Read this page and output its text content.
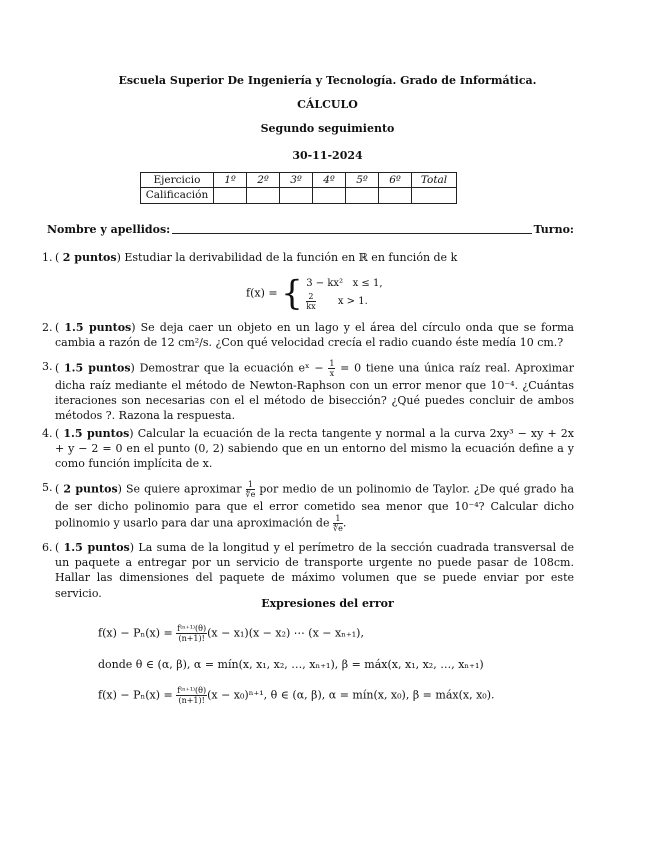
Escuela Superior De Ingeniería y Tecnología. Grado de Informática.
CÁLCULO
Segundo seguimiento
30-11-2024
Ejercicio	1º	2º	3º	4º	5º	6º	Total
Calificación							
Nombre y apellidos:	Turno:
1. ( 2 puntos) Estudiar la derivabilidad de la función en ℝ en función de k
f(x) = { 3 − kx² x ≤ 1,
$\frac{2}{kx}$ x > 1.
2. ( 1.5 puntos) Se deja caer un objeto en un lago y el área del círculo onda que se forma cambia a razón de 12 cm²/s. ¿Con qué velocidad crecía el radio cuando éste medía 10 cm.?
3. ( 1.5 puntos) Demostrar que la ecuación eˣ − $\frac{1}{x} = 0$ tiene una única raíz real. Aproximar dicha raíz mediante el método de Newton-Raphson con un error menor que 10⁻⁴. ¿Cuántas iteraciones son necesarias con el el método de bisección? ¿Qué puedes concluir de ambos métodos ?. Razona la respuesta.
4. ( 1.5 puntos) Calcular la ecuación de la recta tangente y normal a la curva 2xy³ − xy + 2x + y − 2 = 0 en el punto (0, 2) sabiendo que en un entorno del mismo la ecuación define a y como función implícita de x.
5. ( 2 puntos) Se quiere aproximar $\frac{1}{∜e}$ por medio de un polinomio de Taylor. ¿De qué grado ha de ser dicho polinomio para que el error cometido sea menor que 10⁻⁴? Calcular dicho polinomio y usarlo para dar una aproximación de $\frac{1}{∜e}$ .
6. ( 1.5 puntos) La suma de la longitud y el perímetro de la sección cuadrada transversal de un paquete a entregar por un servicio de transporte urgente no puede pasar de 108cm. Hallar las dimensiones del paquete de máximo volumen que se puede enviar por este servicio.
Expresiones del error
$f(x) - P_n(x) = \frac{\text{f⁽ⁿ⁺¹⁾(θ)}}{(n+1)!} (x - x_1)(x - x_2)$ ⋯ (x − xₙ₊₁),
donde θ ∈ (α, β), α = mín(x, x₁, x₂, …, xₙ₊₁), β = máx(x, x₁, x₂, …, xₙ₊₁)
$f(x) - P_n(x) = \frac{\text{f⁽ⁿ⁺¹⁾(θ)}}{(n+1)!} (x - x_0)^{n+1}$, θ ∈ (α, β), α = mín(x, x₀), β = máx(x, x₀).
